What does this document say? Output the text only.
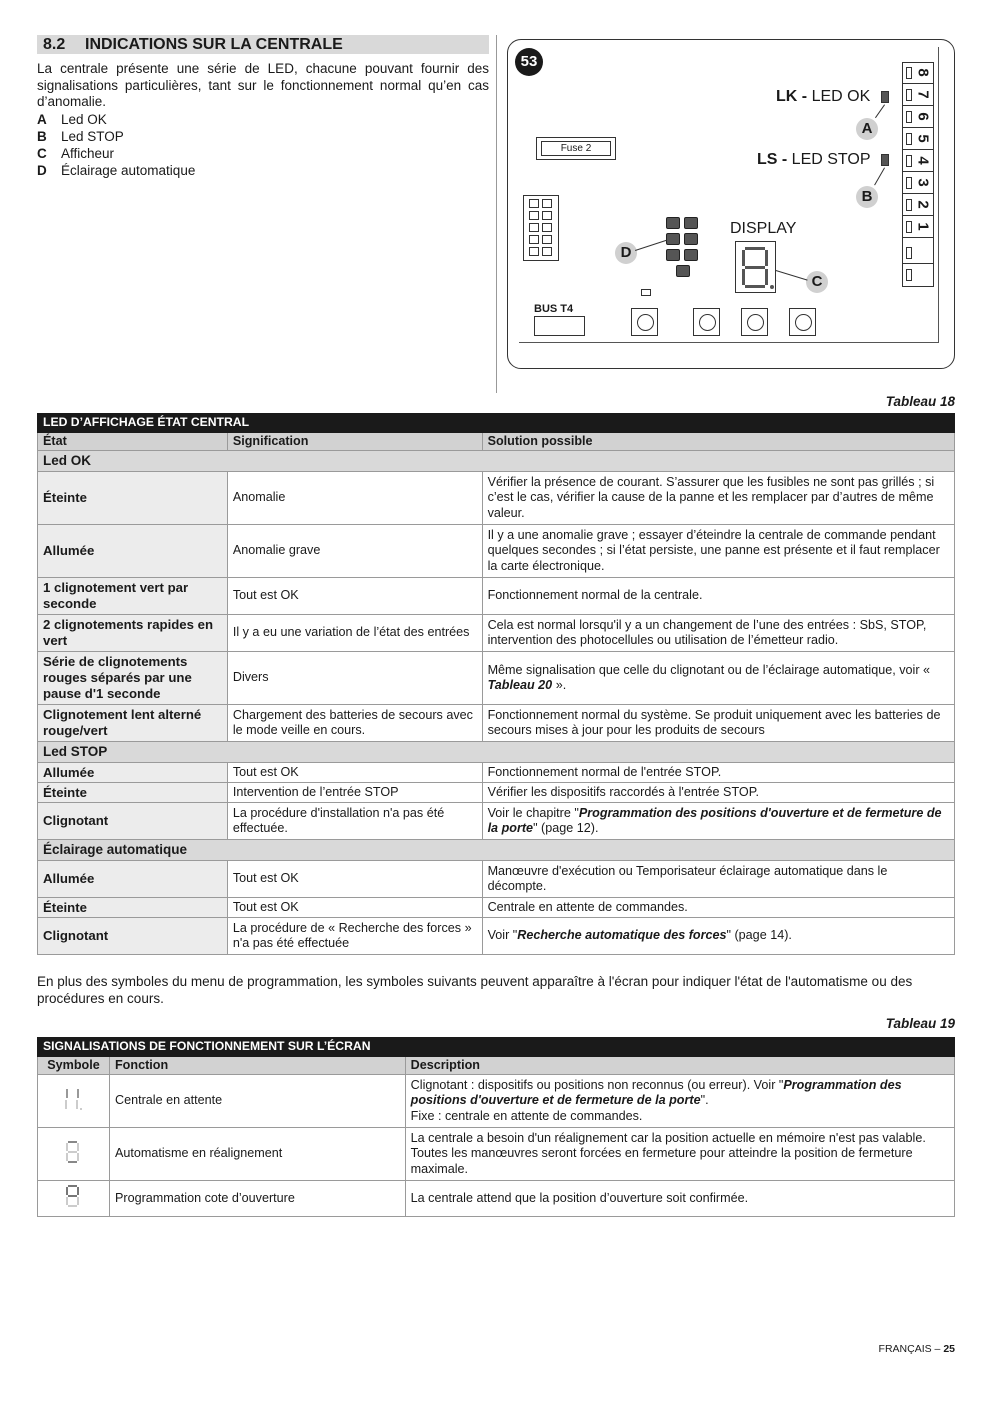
8.2 INDICATIONS SUR LA CENTRALE

La centrale présente une série de LED, chacune pouvant fournir des signalisations particulières, tant sur le fonctionnement normal qu’en cas d’anomalie.

A	Led OK
B	Led STOP
C	Afficheur
D	Éclairage automatique
53
8
7
6
5
4
3
2
1
LK - LED OK
A
LS - LED STOP
B
Fuse 2
D
DISPLAY
C
BUS T4
Tableau 18
LED D’AFFICHAGE ÉTAT CENTRAL		
État	Signification	Solution possible
Led OK		
Éteinte	Anomalie	Vérifier la présence de courant. S’assurer que les fusibles ne sont pas grillés ; si c’est le cas, vérifier la cause de la panne et les remplacer par d’autres de même valeur.
Allumée	Anomalie grave	Il y a une anomalie grave ; essayer d’éteindre la centrale de commande pendant quelques secondes ; si l’état persiste, une panne est présente et il faut remplacer la carte électronique.
1 clignotement vert par seconde	Tout est OK	Fonctionnement normal de la centrale.
2 clignotements rapides en vert	Il y a eu une variation de l’état des entrées	Cela est normal lorsqu'il y a un changement de l’une des entrées : SbS, STOP, intervention des photocellules ou utilisation de l’émetteur radio.
Série de clignotements rouges séparés par une pause d'1 seconde	Divers	Même signalisation que celle du clignotant ou de l’éclairage automatique, voir « Tableau 20 ».
Clignotement lent alterné rouge/vert	Chargement des batteries de secours avec le mode veille en cours.	Fonctionnement normal du système. Se produit uniquement avec les batteries de secours mises à jour pour les produits de secours
Led STOP		
Allumée	Tout est OK	Fonctionnement normal de l'entrée STOP.
Éteinte	Intervention de l’entrée STOP	Vérifier les dispositifs raccordés à l'entrée STOP.
Clignotant	La procédure d'installation n'a pas été effectuée.	Voir le chapitre "Programmation des positions d'ouverture et de fermeture de la porte" (page 12).
Éclairage automatique		
Allumée	Tout est OK	Manœuvre d'exécution ou Temporisateur éclairage automatique dans le décompte.
Éteinte	Tout est OK	Centrale en attente de commandes.
Clignotant	La procédure de « Recherche des forces » n'a pas été effectuée	Voir "Recherche automatique des forces" (page 14).

En plus des symboles du menu de programmation, les symboles suivants peuvent apparaître à l'écran pour indiquer l'état de l'automatisme ou des procédures en cours.

Tableau 19
SIGNALISATIONS DE FONCTIONNEMENT SUR L’ÉCRAN		
Symbole	Fonction	Description
	Centrale en attente	Clignotant : dispositifs ou positions non reconnus (ou erreur). Voir "Programmation des positions d'ouverture et de fermeture de la porte".
Fixe : centrale en attente de commandes.
	Automatisme en réalignement	La centrale a besoin d'un réalignement car la position actuelle en mémoire n'est pas valable. Toutes les manœuvres seront forcées en fermeture pour atteindre la position de fermeture maximale.
	Programmation cote d’ouverture	La centrale attend que la position d’ouverture soit confirmée.
FRANÇAIS – 25
